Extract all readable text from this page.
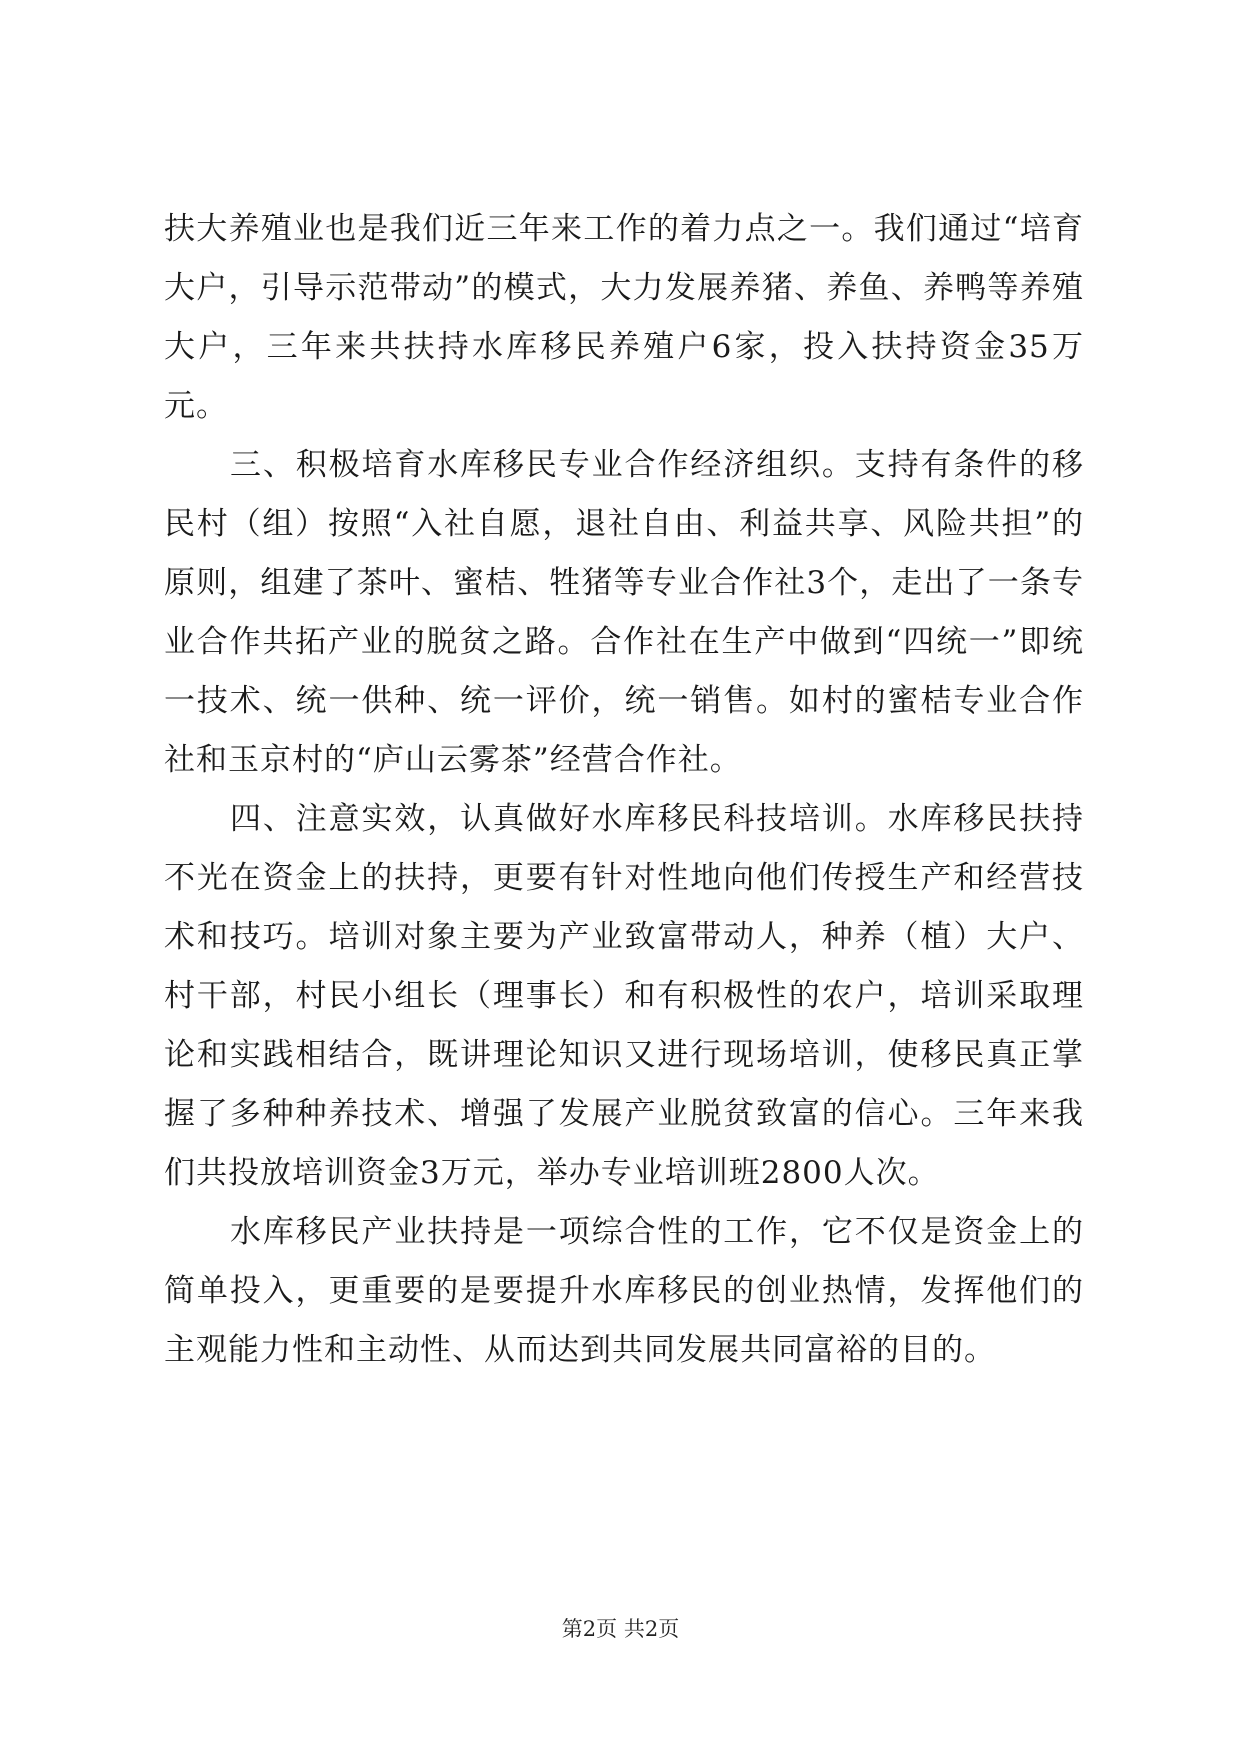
扶大养殖业也是我们近三年来工作的着力点之一。我们通过“培育大户，引导示范带动”的模式，大力发展养猪、养鱼、养鸭等养殖大户，三年来共扶持水库移民养殖户6家，投入扶持资金35万元。

三、积极培育水库移民专业合作经济组织。支持有条件的移民村（组）按照“入社自愿，退社自由、利益共享、风险共担”的原则，组建了茶叶、蜜桔、牲猪等专业合作社3个，走出了一条专业合作共拓产业的脱贫之路。合作社在生产中做到“四统一”即统一技术、统一供种、统一评价，统一销售。如村的蜜桔专业合作社和玉京村的“庐山云雾茶”经营合作社。

四、注意实效，认真做好水库移民科技培训。水库移民扶持不光在资金上的扶持，更要有针对性地向他们传授生产和经营技术和技巧。培训对象主要为产业致富带动人，种养（植）大户、村干部，村民小组长（理事长）和有积极性的农户，培训采取理论和实践相结合，既讲理论知识又进行现场培训，使移民真正掌握了多种种养技术、增强了发展产业脱贫致富的信心。三年来我们共投放培训资金3万元，举办专业培训班2800人次。

水库移民产业扶持是一项综合性的工作，它不仅是资金上的简单投入，更重要的是要提升水库移民的创业热情，发挥他们的主观能力性和主动性、从而达到共同发展共同富裕的目的。

第2页 共2页
